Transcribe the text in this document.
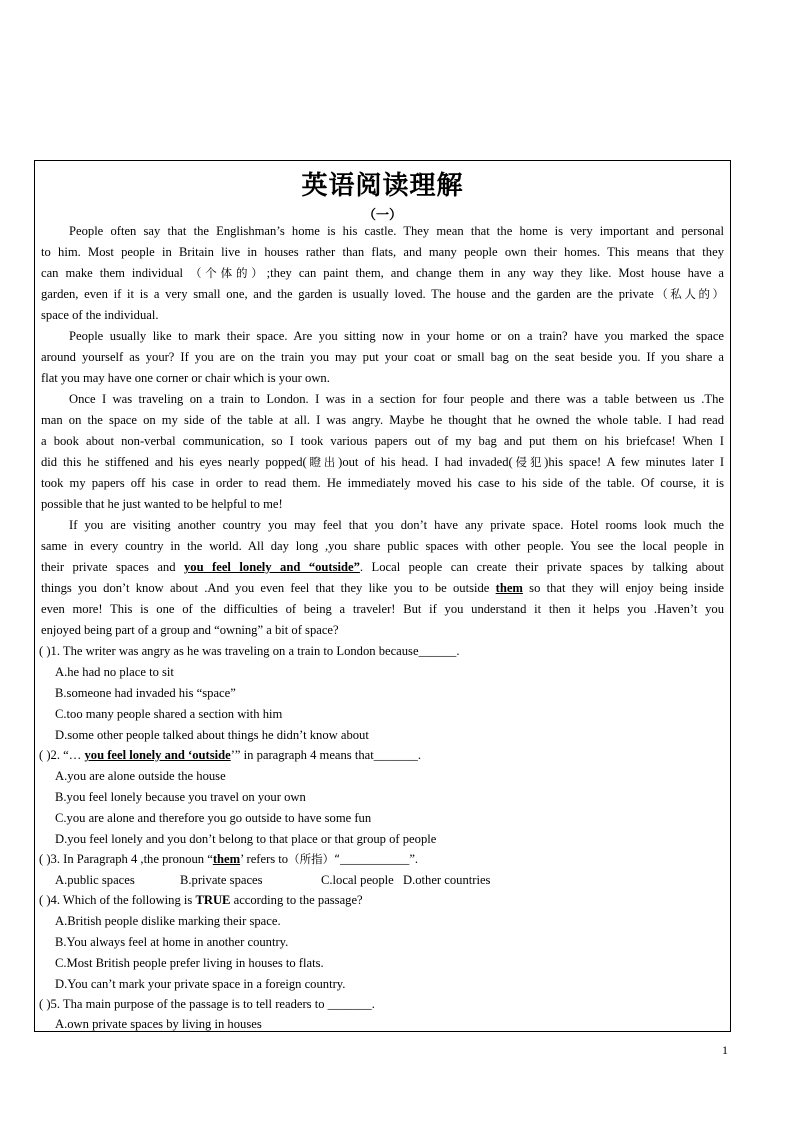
英语阅读理解
（一）
People often say that the Englishman’s home is his castle. They mean that the home is very important and personal
to him. Most people in Britain live in houses rather than flats, and many people own their homes. This means that they
can make them individual （个体的）;they can paint them, and change them in any way they like. Most house have a
garden, even if it is a very small one, and the garden is usually loved. The house and the garden are the private（私人的）
space of the individual.
People usually like to mark their space. Are you sitting now in your home or on a train? have you marked the space
around yourself as your? If you are on the train you may put your coat or small bag on the seat beside you. If you share a
flat you may have one corner or chair which is your own.
Once I was traveling on a train to London. I was in a section for four people and there was a table between us .The
man on the space on my side of the table at all. I was angry. Maybe he thought that he owned the whole table. I had read
a book about non-verbal communication, so I took various papers out of my bag and put them on his briefcase! When I
did this he stiffened and his eyes nearly popped(瞪出)out of his head. I had invaded(侵犯)his space! A few minutes later I
took my papers off his case in order to read them. He immediately moved his case to his side of the table. Of course, it is
possible that he just wanted to be helpful to me!
If you are visiting another country you may feel that you don’t have any private space. Hotel rooms look much the
same in every country in the world. All day long ,you share public spaces with other people. You see the local people in
their private spaces and you feel lonely and “outside”. Local people can create their private spaces by talking about
things you don’t know about .And you even feel that they like you to be outside them so that they will enjoy being inside
even more! This is one of the difficulties of being a traveler! But if you understand it then it helps you .Haven’t you
enjoyed being part of a group and “owning” a bit of space?
( )1. The writer was angry as he was traveling on a train to London because______.
A.he had no place to sit
B.someone had invaded his “space”
C.too many people shared a section with him
D.some other people talked about things he didn’t know about
( )2. “… you feel lonely and ‘outside’” in paragraph 4 means that_______.
A.you are alone outside the house
B.you feel lonely because you travel on your own
C.you are alone and therefore you go outside to have some fun
D.you feel lonely and you don’t belong to that place or that group of people
( )3. In Paragraph 4 ,the pronoun “them’ refers to（所指）“___________”.
A.public spaces	B.private spaces	C.local people D.other countries
( )4. Which of the following is TRUE according to the passage?
A.British people dislike marking their space.
B.You always feel at home in another country.
C.Most British people prefer living in houses to flats.
D.You can’t mark your private space in a foreign country.
( )5. Tha main purpose of the passage is to tell readers to _______.
A.own private spaces by living in houses
1
